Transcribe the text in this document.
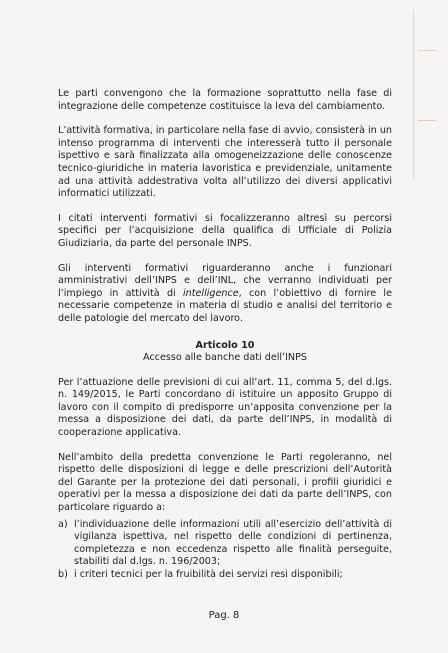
Le parti convengono che la formazione soprattutto nella fase di integrazione delle competenze costituisce la leva del cambiamento.

L’attività formativa, in particolare nella fase di avvio, consisterà in un intenso programma di interventi che interesserà tutto il personale ispettivo e sarà finalizzata alla omogeneizzazione delle conoscenze tecnico-giuridiche in materia lavoristica e previdenziale, unitamente ad una attività addestrativa volta all’utilizzo dei diversi applicativi informatici utilizzati.

I citati interventi formativi si focalizzeranno altresì su percorsi specifici per l’acquisizione della qualifica di Ufficiale di Polizia Giudiziaria, da parte del personale INPS.

Gli interventi formativi riguarderanno anche i funzionari amministrativi dell’INPS e dell’INL, che verranno individuati per l’impiego in attività di intelligence, con l’obiettivo di fornire le necessarie competenze in materia di studio e analisi del territorio e delle patologie del mercato del lavoro.

Articolo 10
Accesso alle banche dati dell’INPS

Per l’attuazione delle previsioni di cui all’art. 11, comma 5, del d.lgs. n. 149/2015, le Parti concordano di istituire un apposito Gruppo di lavoro con il compito di predisporre un’apposita convenzione per la messa a disposizione dei dati, da parte dell’INPS, in modalità di cooperazione applicativa.

Nell’ambito della predetta convenzione le Parti regoleranno, nel rispetto delle disposizioni di legge e delle prescrizioni dell’Autorità del Garante per la protezione dei dati personali, i profili giuridici e operativi per la messa a disposizione dei dati da parte dell’INPS, con particolare riguardo a:

a) l’individuazione delle informazioni utili all’esercizio dell’attività di vigilanza ispettiva, nel rispetto delle condizioni di pertinenza, completezza e non eccedenza rispetto alle finalità perseguite, stabiliti dal d.lgs. n. 196/2003;
b) i criteri tecnici per la fruibilità dei servizi resi disponibili;
Pag. 8
